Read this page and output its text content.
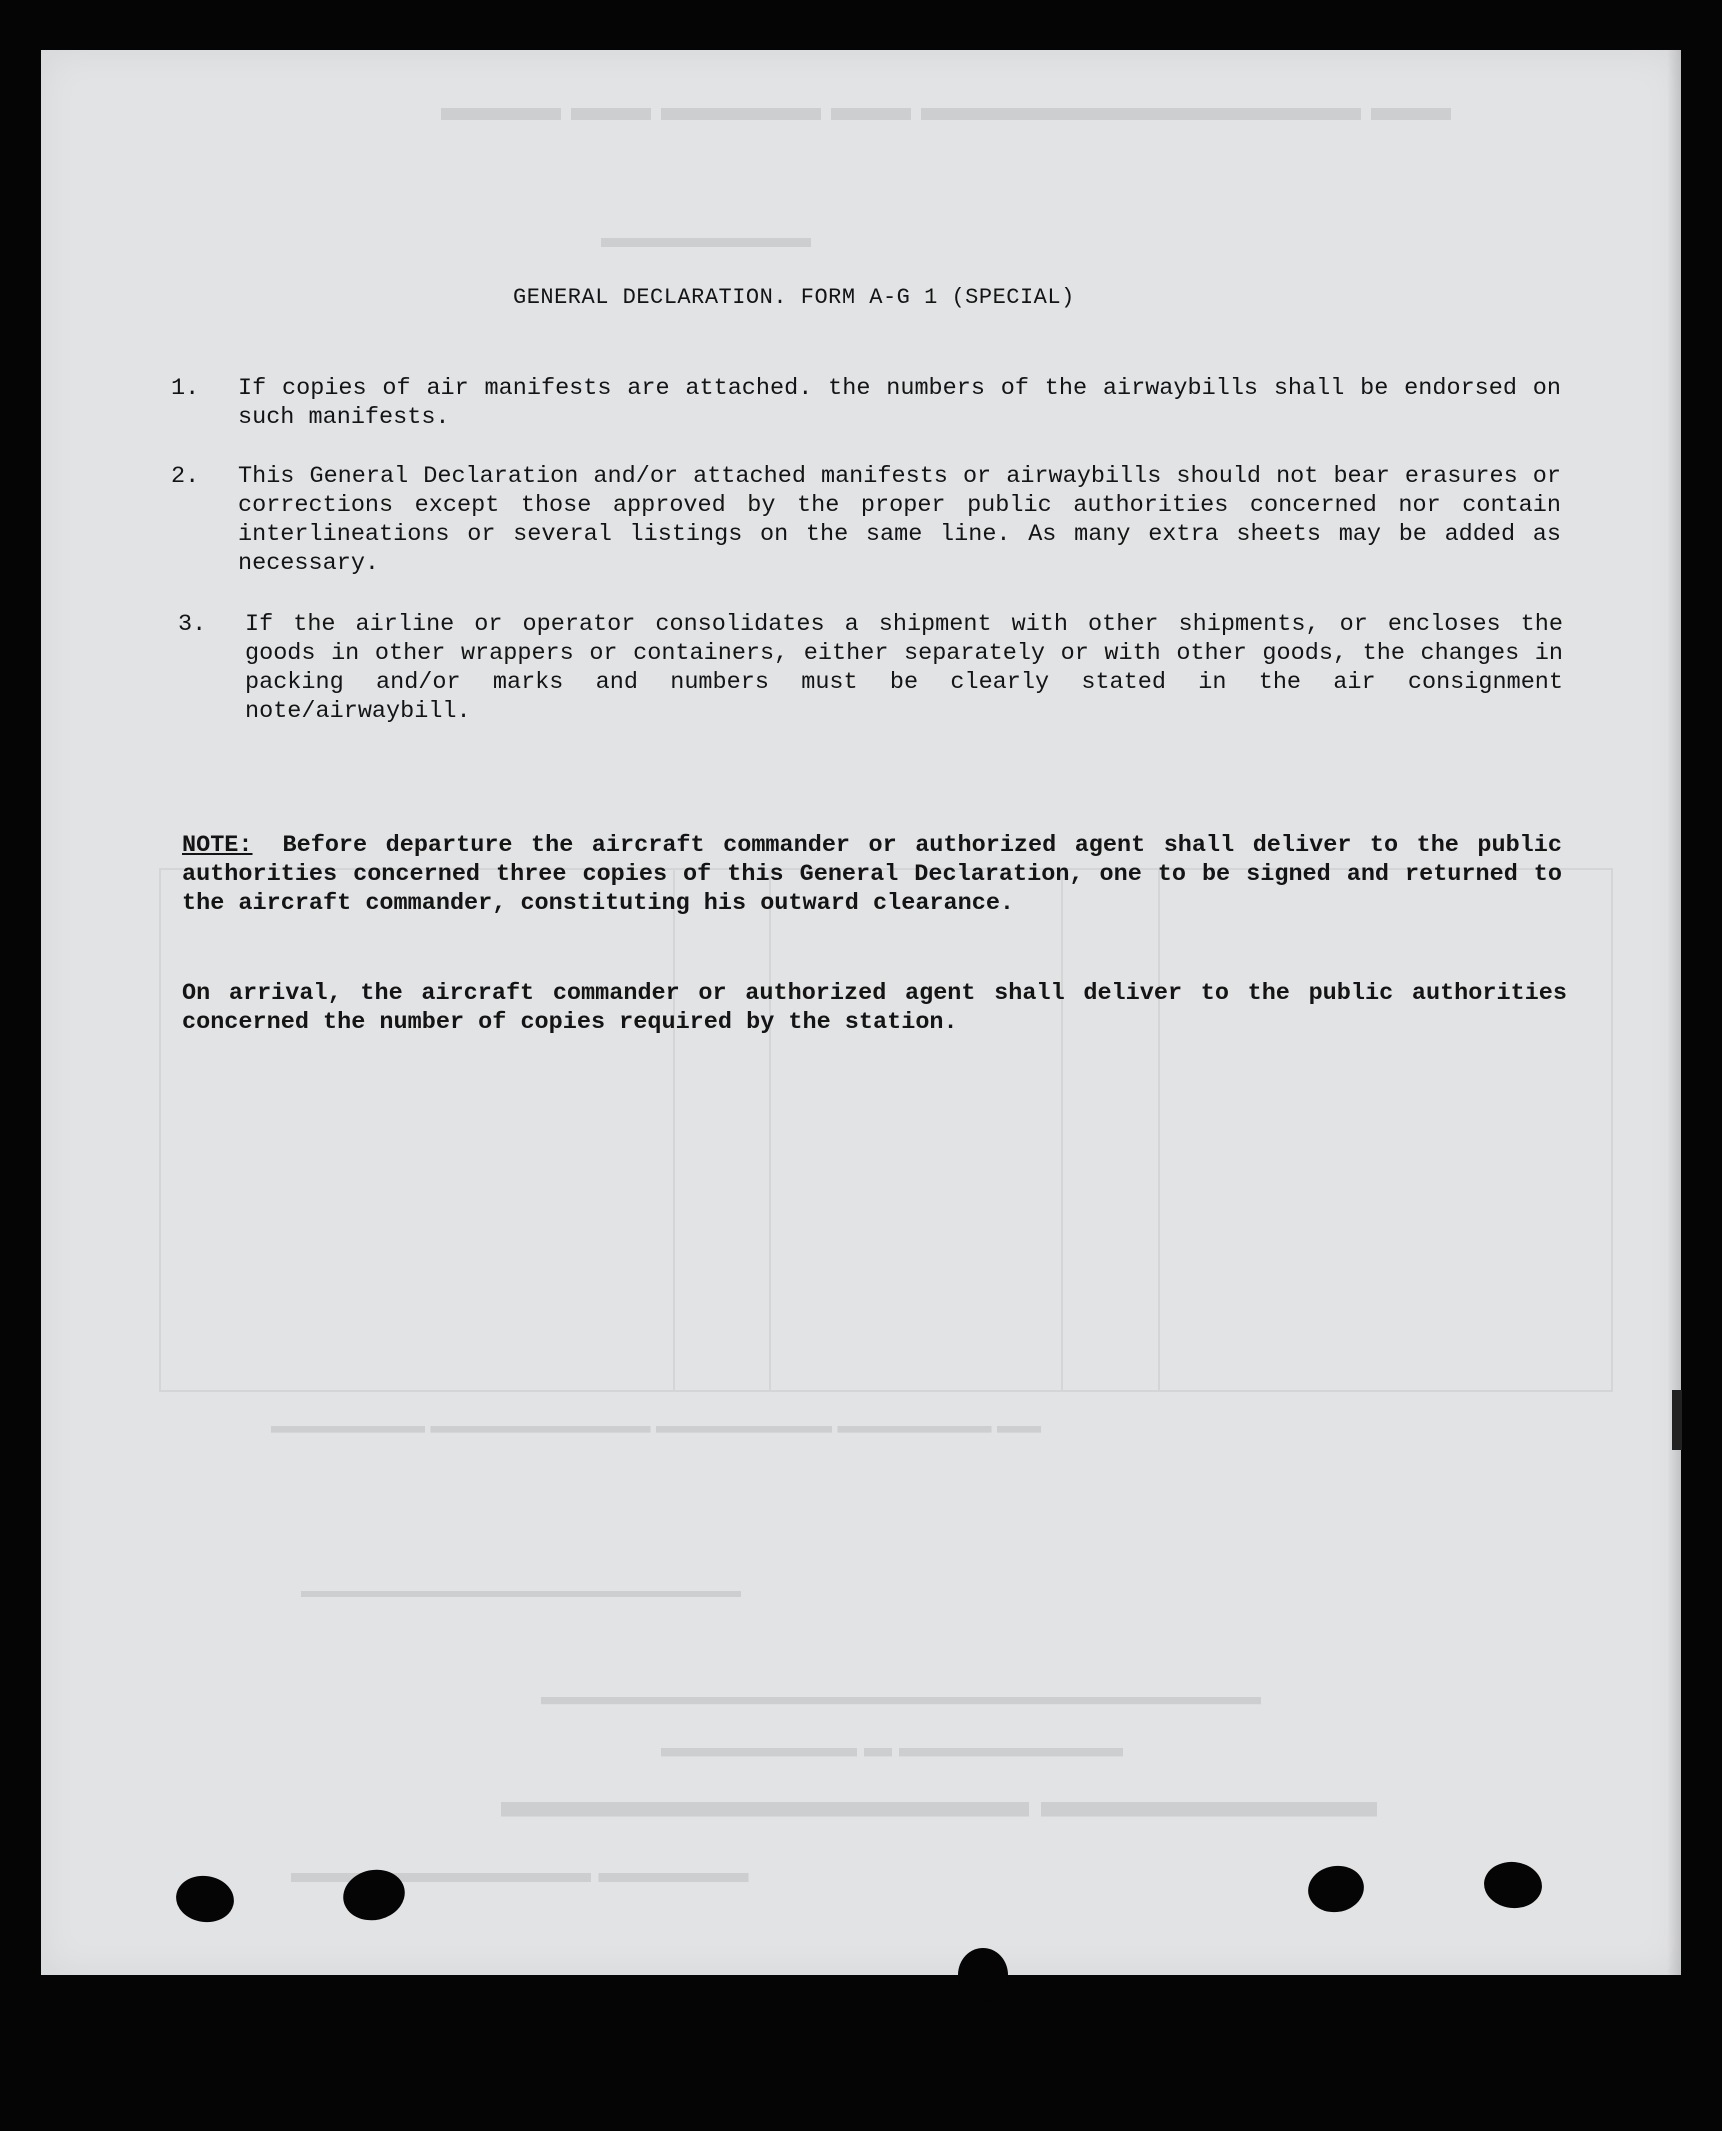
▬▬ ▬▬▬▬▬▬▬▬▬▬▬ ▬▬ ▬▬▬▬ ▬▬ ▬▬▬
▬▬▬▬▬▬▬
▬▬▬▬▬▬▬ ▬▬▬▬▬▬▬▬▬▬▬
▬▬▬▬▬▬▬▬ ▬ ▬▬▬▬▬▬▬
▬▬▬▬▬▬▬▬▬▬▬▬▬▬▬▬▬▬▬▬▬▬▬▬▬▬▬▬▬▬
▬▬▬▬▬ ▬▬▬▬▬▬▬▬▬▬
▬▬▬▬▬▬▬▬▬▬▬▬▬▬▬▬▬▬▬▬▬▬
▬▬ ▬▬▬▬▬▬▬ ▬▬▬▬▬▬▬▬ ▬▬▬▬▬▬▬▬▬▬ ▬▬▬▬▬▬▬
GENERAL DECLARATION. FORM A-G 1 (SPECIAL)
1.	If copies of air manifests are attached. the numbers of the airwaybills shall be endorsed on such manifests.
2.	This General Declaration and/or attached manifests or airwaybills should not bear erasures or corrections except those approved by the proper public authorities concerned nor contain interlineations or several listings on the same line. As many extra sheets may be added as necessary.
3.	If the airline or operator consolidates a shipment with other shipments, or encloses the goods in other wrappers or containers, either separately or with other goods, the changes in packing and/or marks and numbers must be clearly stated in the air consignment note/airwaybill.
NOTE: Before departure the aircraft commander or authorized agent shall deliver to the public authorities concerned three copies of this General Declaration, one to be signed and returned to the aircraft commander, constituting his outward clearance.
On arrival, the aircraft commander or authorized agent shall deliver to the public authorities concerned the number of copies required by the station.
